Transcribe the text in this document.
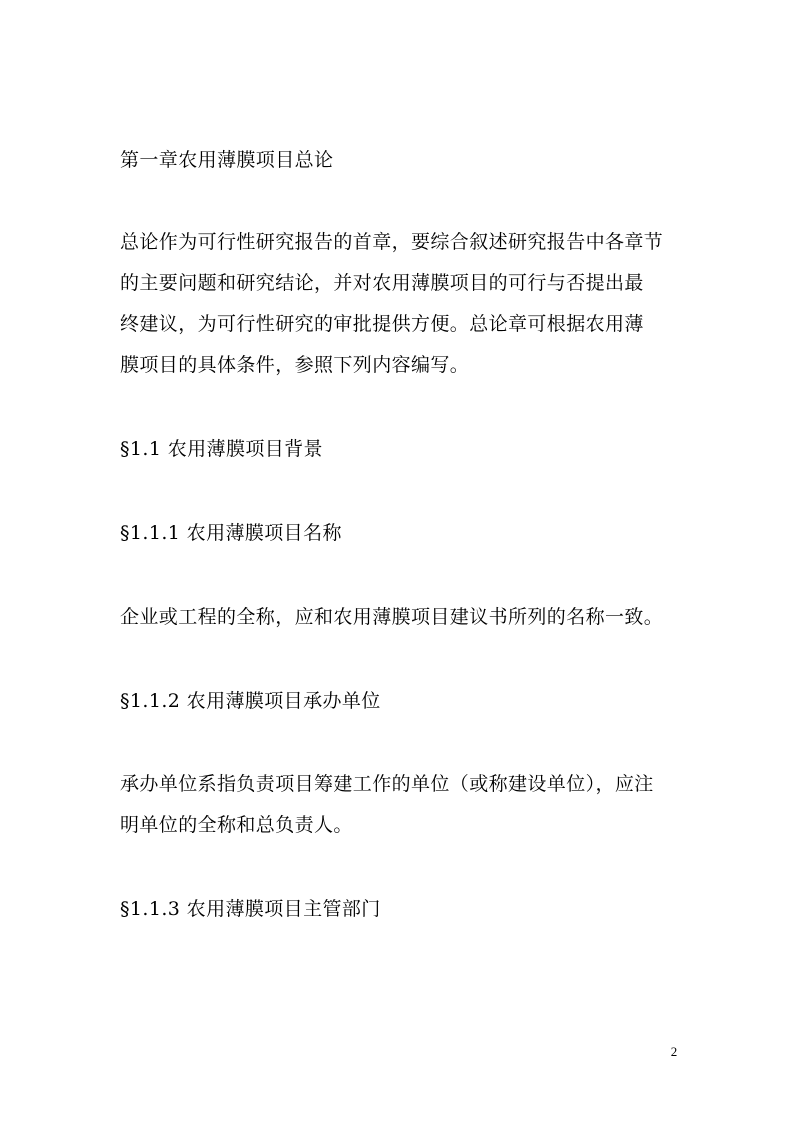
第一章农用薄膜项目总论
总论作为可行性研究报告的首章，要综合叙述研究报告中各章节
的主要问题和研究结论，并对农用薄膜项目的可行与否提出最
终建议，为可行性研究的审批提供方便。总论章可根据农用薄
膜项目的具体条件，参照下列内容编写。
§1.1 农用薄膜项目背景
§1.1.1 农用薄膜项目名称
企业或工程的全称，应和农用薄膜项目建议书所列的名称一致。
§1.1.2 农用薄膜项目承办单位
承办单位系指负责项目筹建工作的单位（或称建设单位），应注
明单位的全称和总负责人。
§1.1.3 农用薄膜项目主管部门
2
